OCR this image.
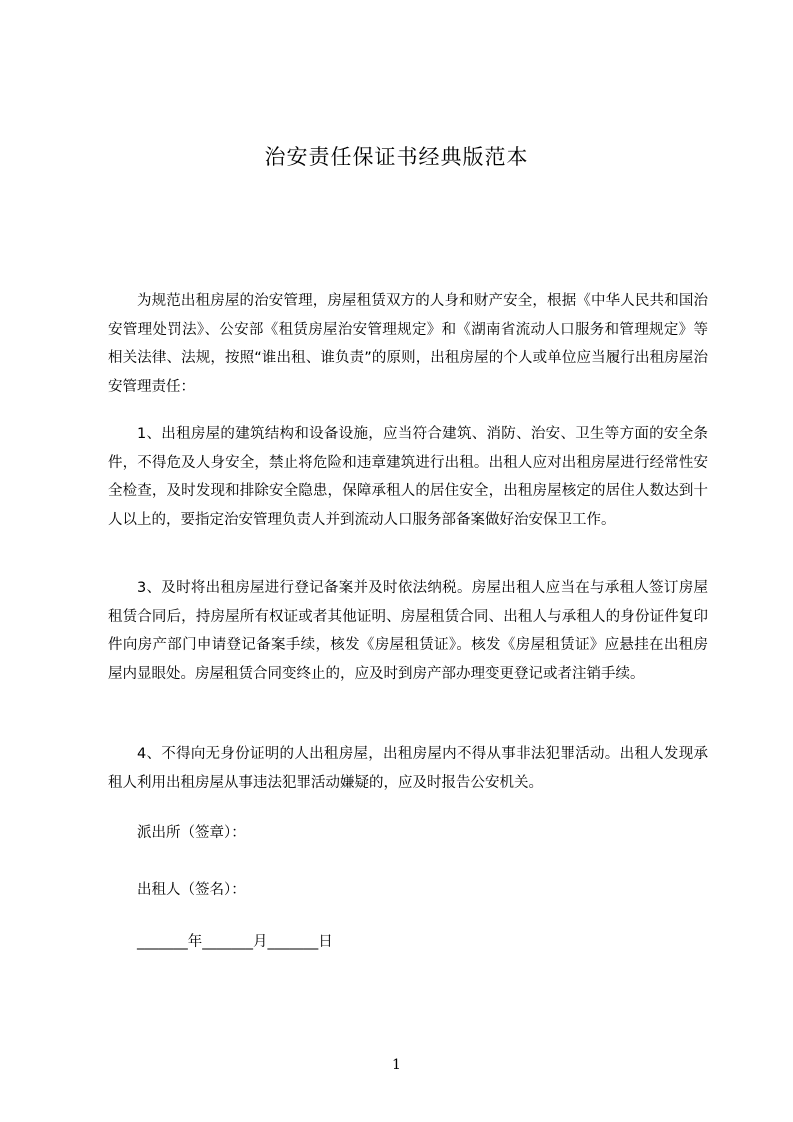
治安责任保证书经典版范本

为规范出租房屋的治安管理，房屋租赁双方的人身和财产安全，根据《中华人民共和国治安管理处罚法》、公安部《租赁房屋治安管理规定》和《湖南省流动人口服务和管理规定》等相关法律、法规，按照“谁出租、谁负责”的原则，出租房屋的个人或单位应当履行出租房屋治安管理责任：

1、出租房屋的建筑结构和设备设施，应当符合建筑、消防、治安、卫生等方面的安全条件，不得危及人身安全，禁止将危险和违章建筑进行出租。出租人应对出租房屋进行经常性安全检查，及时发现和排除安全隐患，保障承租人的居住安全，出租房屋核定的居住人数达到十人以上的，要指定治安管理负责人并到流动人口服务部备案做好治安保卫工作。

3、及时将出租房屋进行登记备案并及时依法纳税。房屋出租人应当在与承租人签订房屋租赁合同后，持房屋所有权证或者其他证明、房屋租赁合同、出租人与承租人的身份证件复印件向房产部门申请登记备案手续，核发《房屋租赁证》。核发《房屋租赁证》应悬挂在出租房屋内显眼处。房屋租赁合同变终止的，应及时到房产部办理变更登记或者注销手续。

4、不得向无身份证明的人出租房屋，出租房屋内不得从事非法犯罪活动。出租人发现承租人利用出租房屋从事违法犯罪活动嫌疑的，应及时报告公安机关。

派出所（签章）：

出租人（签名）：

_______年_______月_______日

1
